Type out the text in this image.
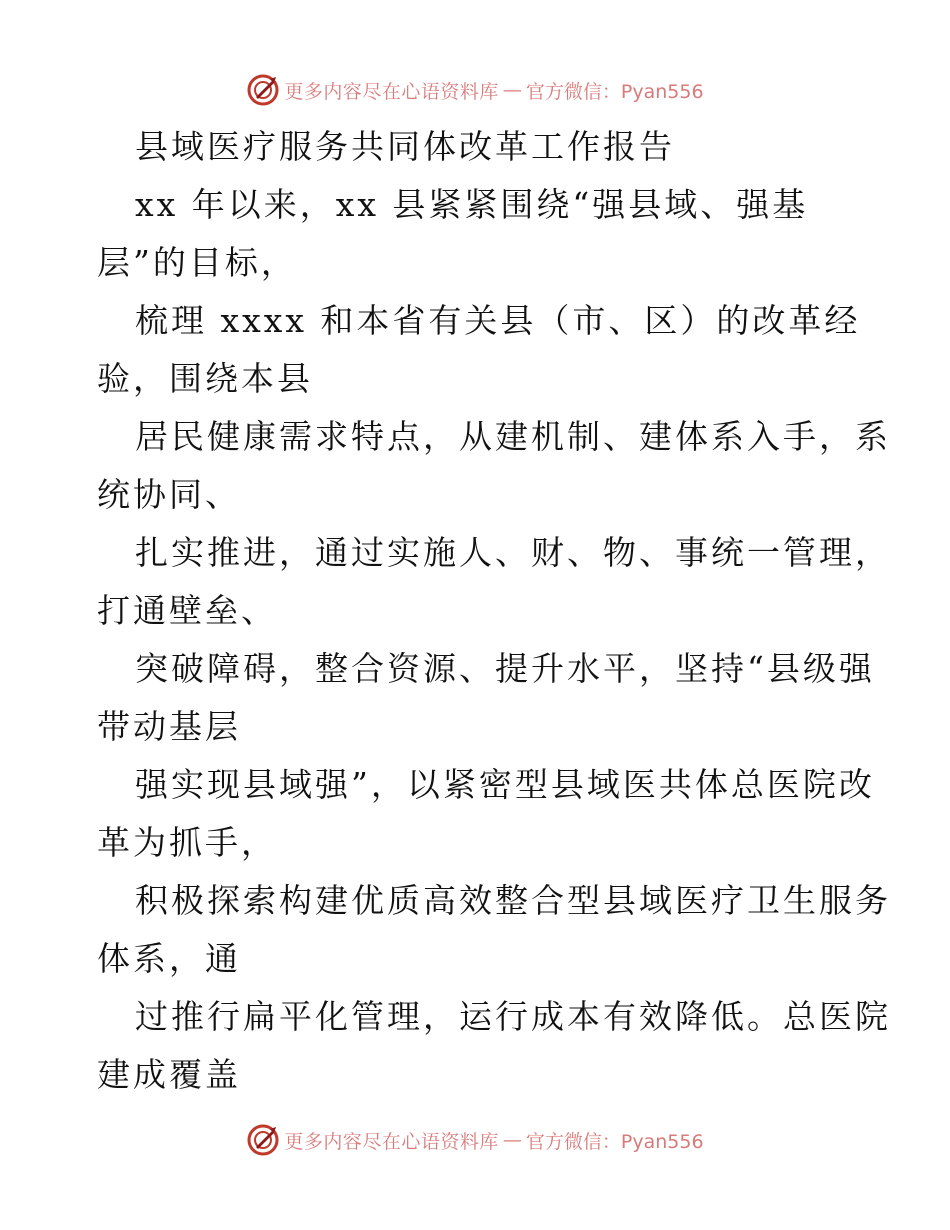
更多内容尽在心语资料库 — 官方微信：Pyan556
县域医疗服务共同体改革工作报告
xx 年以来，xx 县紧紧围绕“强县域、强基
层”的目标，
梳理 xxxx 和本省有关县（市、区）的改革经
验，围绕本县
居民健康需求特点，从建机制、建体系入手，系
统协同、
扎实推进，通过实施人、财、物、事统一管理，
打通壁垒、
突破障碍，整合资源、提升水平，坚持“县级强
带动基层
强实现县域强”，以紧密型县域医共体总医院改
革为抓手，
积极探索构建优质高效整合型县域医疗卫生服务
体系，通
过推行扁平化管理，运行成本有效降低。总医院
建成覆盖
更多内容尽在心语资料库 — 官方微信：Pyan556
